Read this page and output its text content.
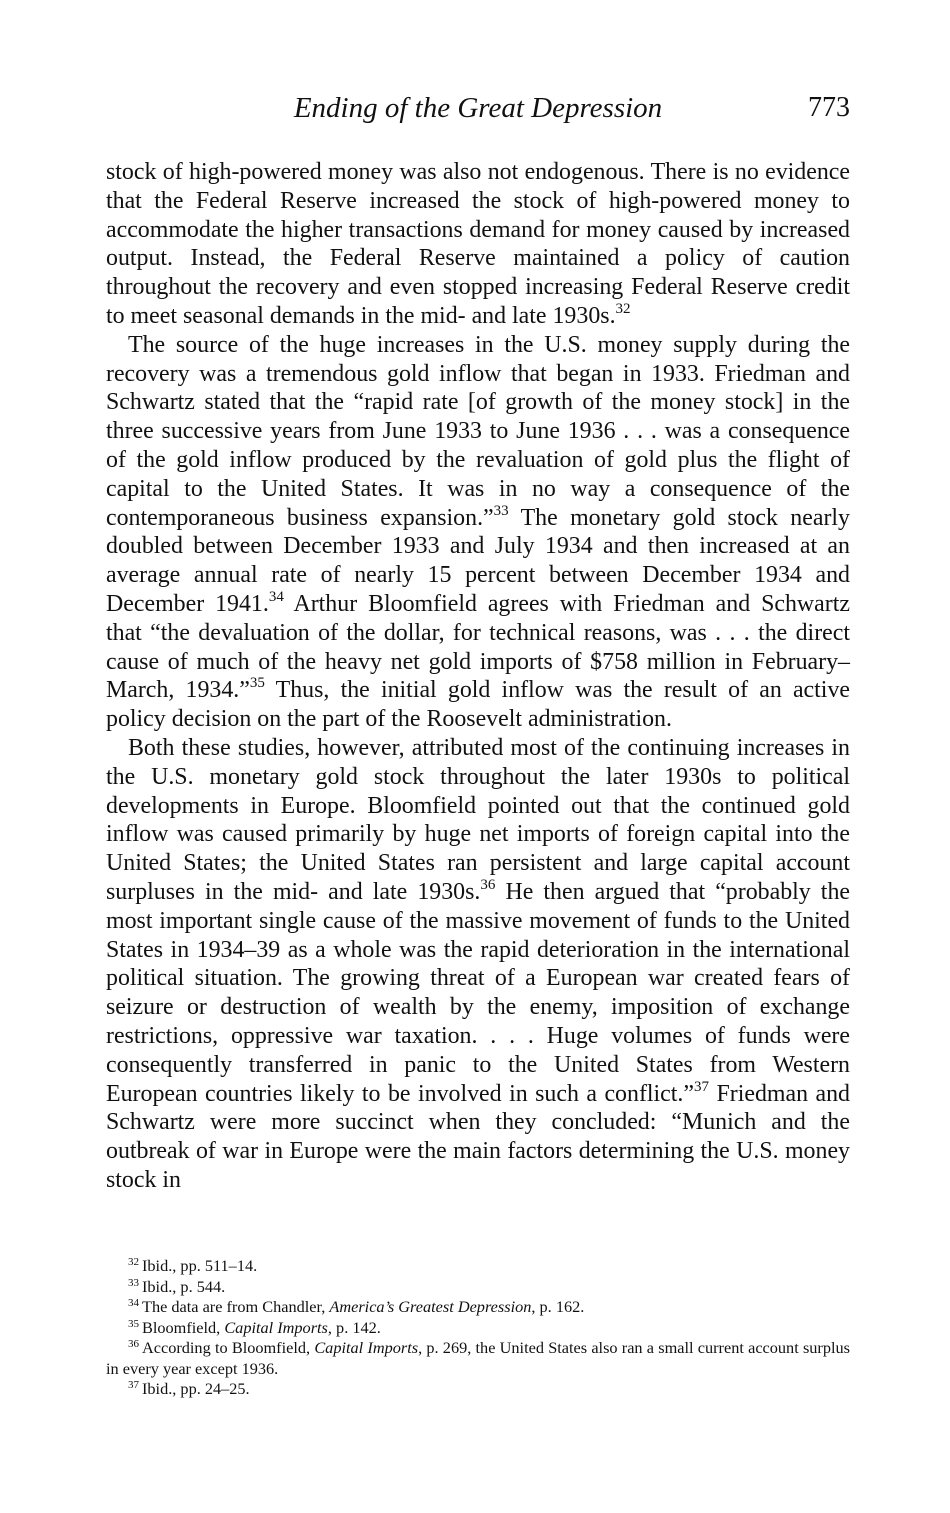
Ending of the Great Depression	773

stock of high-powered money was also not endogenous. There is no evidence that the Federal Reserve increased the stock of high-powered money to accommodate the higher transactions demand for money caused by increased output. Instead, the Federal Reserve maintained a policy of caution throughout the recovery and even stopped increasing Federal Reserve credit to meet seasonal demands in the mid- and late 1930s.$^{32}$

The source of the huge increases in the U.S. money supply during the recovery was a tremendous gold inflow that began in 1933. Friedman and Schwartz stated that the “rapid rate [of growth of the money stock] in the three successive years from June 1933 to June 1936 . . . was a consequence of the gold inflow produced by the revaluation of gold plus the flight of capital to the United States. It was in no way a consequence of the contemporaneous business expansion.”$^{33}$ The monetary gold stock nearly doubled between December 1933 and July 1934 and then increased at an average annual rate of nearly 15 percent between December 1934 and December 1941.34 Arthur Bloomfield agrees with Friedman and Schwartz that “the devaluation of the dollar, for technical reasons, was . . . the direct cause of much of the heavy net gold imports of $758 million in February–March, 1934.”$^{35}$ Thus, the initial gold inflow was the result of an active policy decision on the part of the Roosevelt administration.

Both these studies, however, attributed most of the continuing increases in the U.S. monetary gold stock throughout the later 1930s to political developments in Europe. Bloomfield pointed out that the continued gold inflow was caused primarily by huge net imports of foreign capital into the United States; the United States ran persistent and large capital account surpluses in the mid- and late 1930s.$^{36}$ He then argued that “probably the most important single cause of the massive movement of funds to the United States in 1934–39 as a whole was the rapid deterioration in the international political situation. The growing threat of a European war created fears of seizure or destruction of wealth by the enemy, imposition of exchange restrictions, oppressive war taxation. . . . Huge volumes of funds were consequently transferred in panic to the United States from Western European countries likely to be involved in such a conflict.”$^{37}$ Friedman and Schwartz were more succinct when they concluded: “Munich and the outbreak of war in Europe were the main factors determining the U.S. money stock in

$^{32}$ Ibid., pp. 511–14.

$^{33}$ Ibid., p. 544.

$^{34}$ The data are from Chandler, America’s Greatest Depression, p. 162.

$^{35}$ Bloomfield, Capital Imports, p. 142.

$^{36}$ According to Bloomfield, Capital Imports, p. 269, the United States also ran a small current account surplus in every year except 1936.

$^{37}$ Ibid., pp. 24–25.
